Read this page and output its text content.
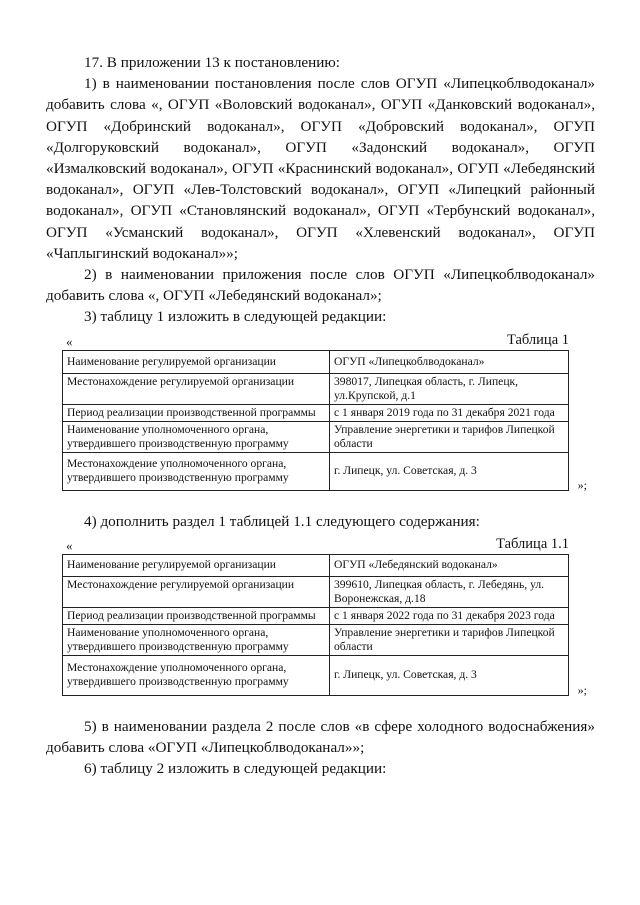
17. В приложении 13 к постановлению:

1) в наименовании постановления после слов ОГУП «Липецкоблводоканал» добавить слова «, ОГУП «Воловский водоканал», ОГУП «Данковский водоканал», ОГУП «Добринский водоканал», ОГУП «Добровский водоканал», ОГУП «Долгоруковский водоканал», ОГУП «Задонский водоканал», ОГУП «Измалковский водоканал», ОГУП «Краснинский водоканал», ОГУП «Лебедянский водоканал», ОГУП «Лев-Толстовский водоканал», ОГУП «Липецкий районный водоканал», ОГУП «Становлянский водоканал», ОГУП «Тербунский водоканал», ОГУП «Усманский водоканал», ОГУП «Хлевенский водоканал», ОГУП «Чаплыгинский водоканал»»;

2) в наименовании приложения после слов ОГУП «Липецкоблводоканал» добавить слова «, ОГУП «Лебедянский водоканал»;

3) таблицу 1 изложить в следующей редакции:

«	Таблица 1
Наименование регулируемой организации	ОГУП «Липецкоблводоканал»
Местонахождение регулируемой организации	398017, Липецкая область, г. Липецк, ул.Крупской, д.1
Период реализации производственной программы	с 1 января 2019 года по 31 декабря 2021 года
Наименование уполномоченного органа, утвердившего производственную программу	Управление энергетики и тарифов Липецкой области
Местонахождение уполномоченного органа, утвердившего производственную программу	г. Липецк, ул. Советская, д. 3
»;

4) дополнить раздел 1 таблицей 1.1 следующего содержания:

«	Таблица 1.1
Наименование регулируемой организации	ОГУП «Лебедянский водоканал»
Местонахождение регулируемой организации	399610, Липецкая область, г. Лебедянь, ул. Воронежская, д.18
Период реализации производственной программы	с 1 января 2022 года по 31 декабря 2023 года
Наименование уполномоченного органа, утвердившего производственную программу	Управление энергетики и тарифов Липецкой области
Местонахождение уполномоченного органа, утвердившего производственную программу	г. Липецк, ул. Советская, д. 3
»;

5) в наименовании раздела 2 после слов «в сфере холодного водоснабжения» добавить слова «ОГУП «Липецкоблводоканал»»;

6) таблицу 2 изложить в следующей редакции:
